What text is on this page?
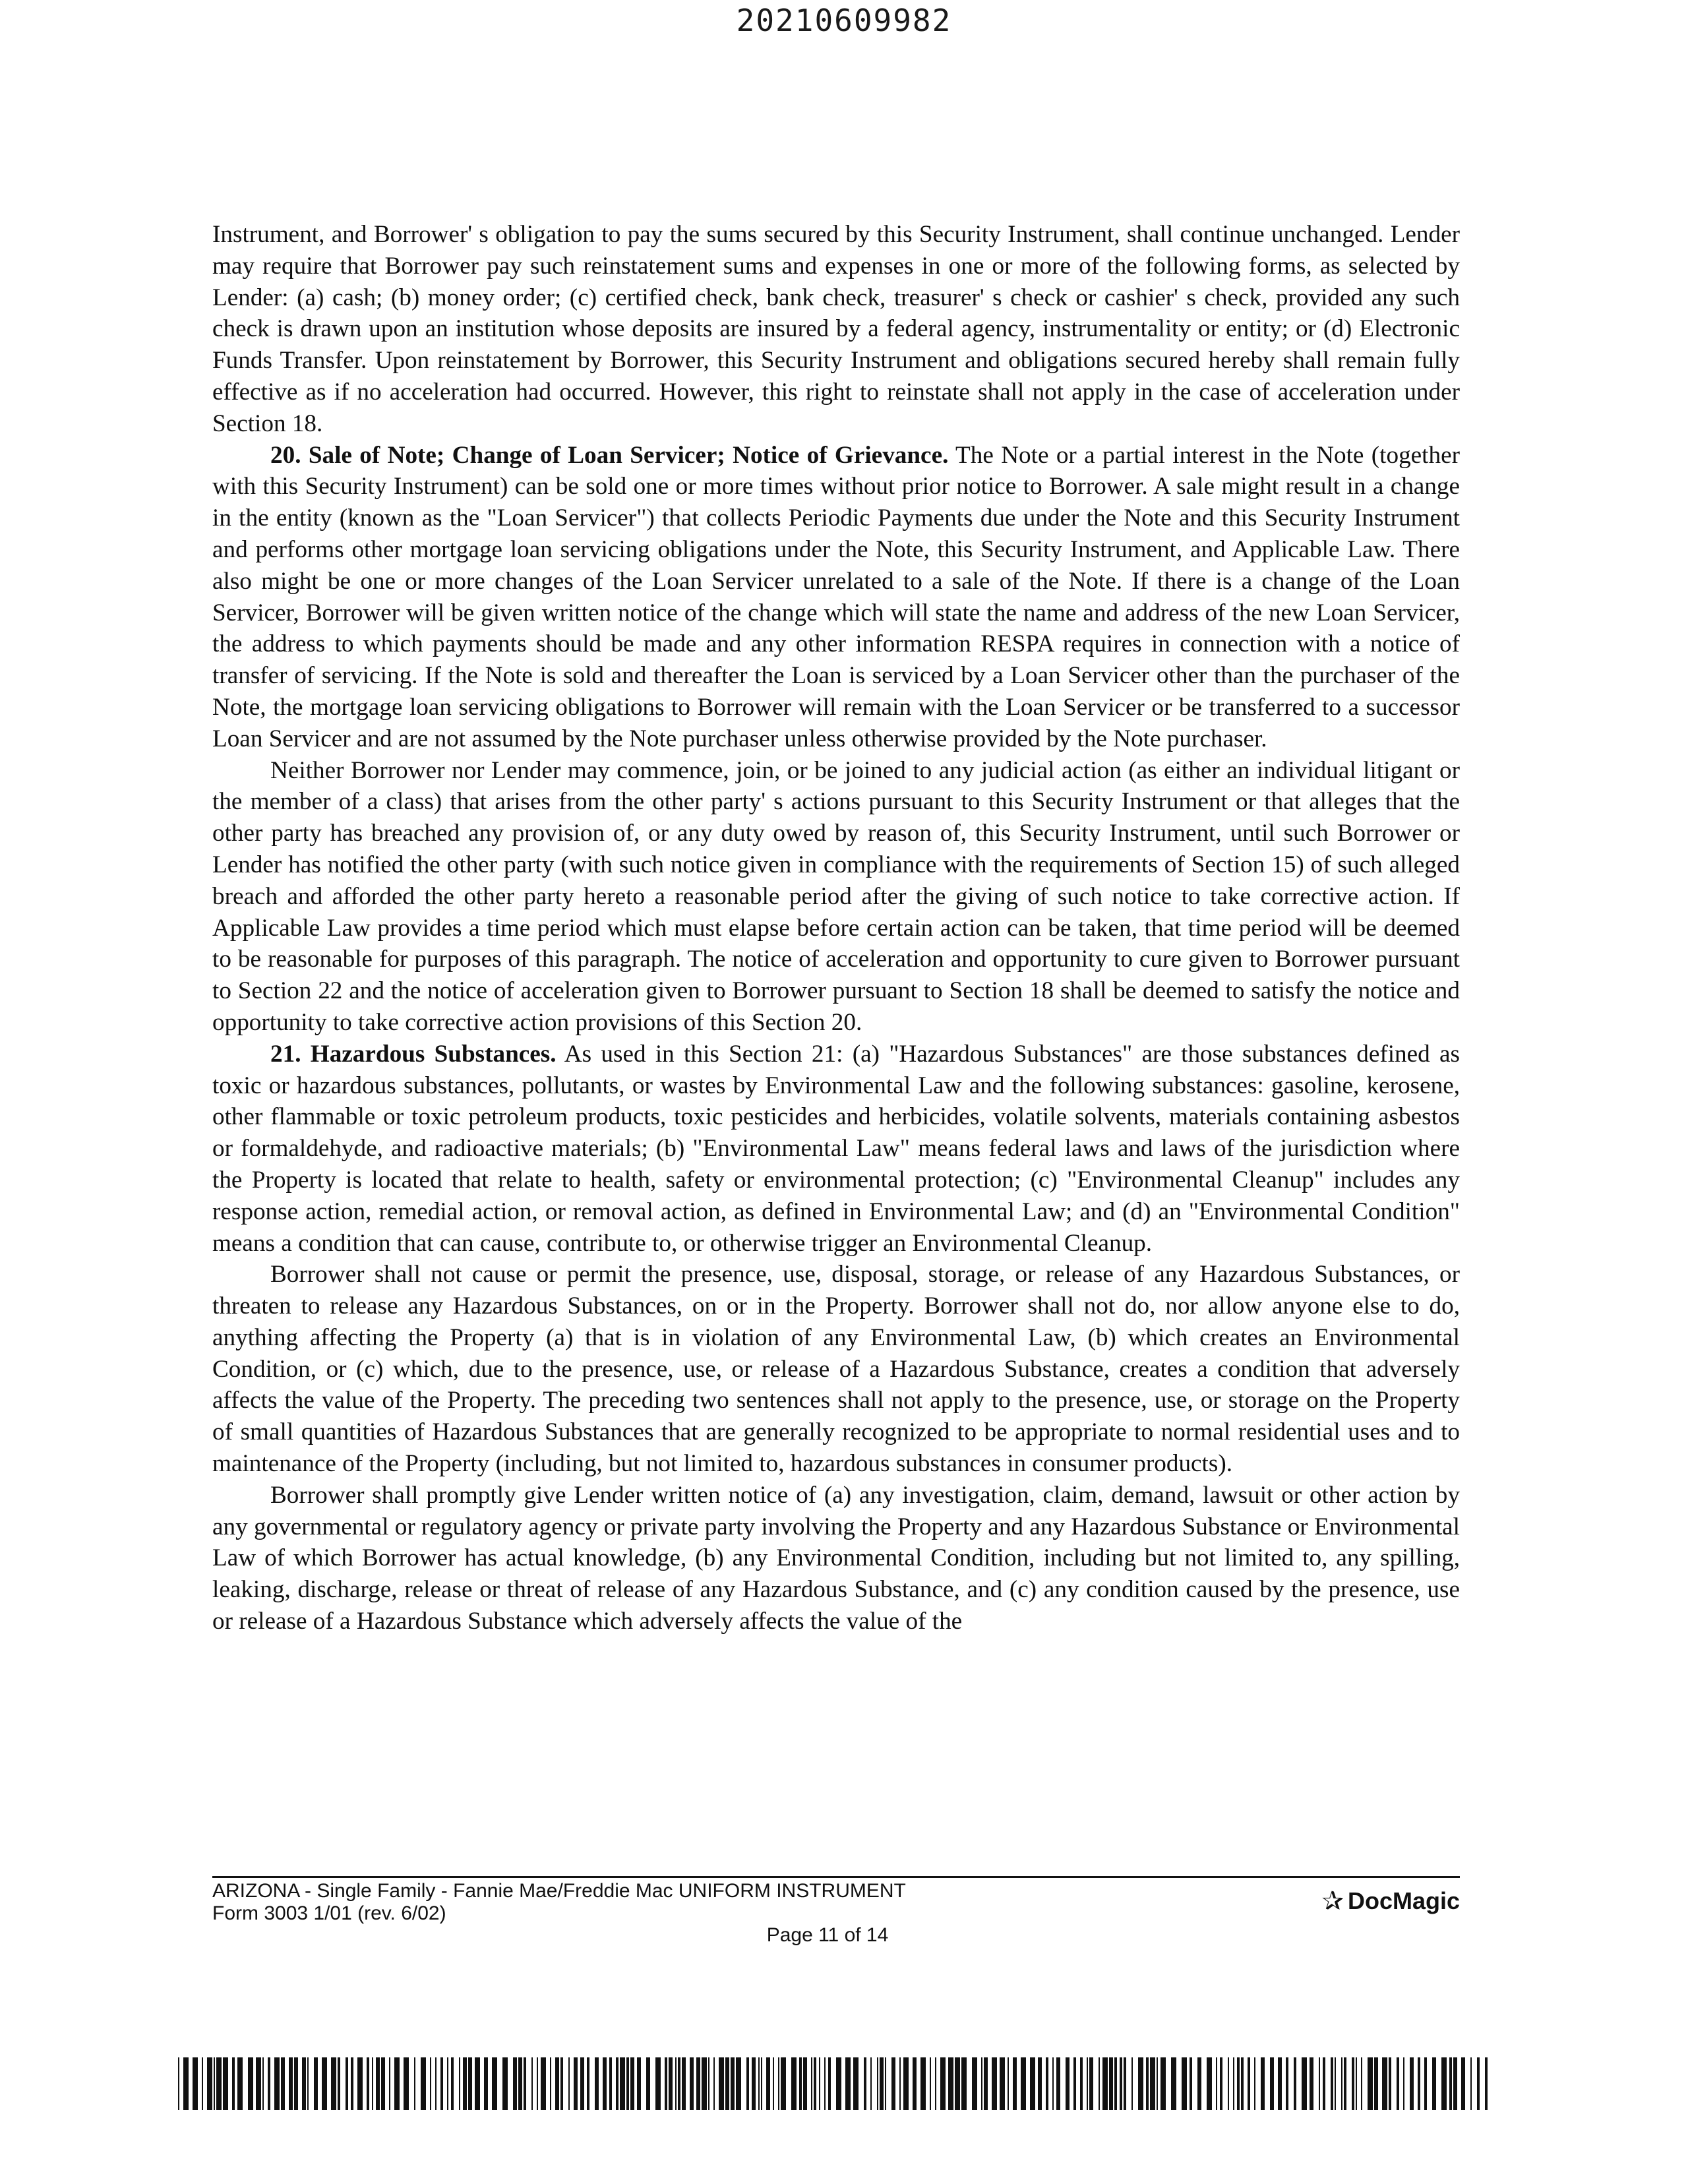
20210609982

Instrument, and Borrower' s obligation to pay the sums secured by this Security Instrument, shall continue unchanged. Lender may require that Borrower pay such reinstatement sums and expenses in one or more of the following forms, as selected by Lender: (a) cash; (b) money order; (c) certified check, bank check, treasurer' s check or cashier' s check, provided any such check is drawn upon an institution whose deposits are insured by a federal agency, instrumentality or entity; or (d) Electronic Funds Transfer. Upon reinstatement by Borrower, this Security Instrument and obligations secured hereby shall remain fully effective as if no acceleration had occurred. However, this right to reinstate shall not apply in the case of acceleration under Section 18.

20. Sale of Note; Change of Loan Servicer; Notice of Grievance. The Note or a partial interest in the Note (together with this Security Instrument) can be sold one or more times without prior notice to Borrower. A sale might result in a change in the entity (known as the "Loan Servicer") that collects Periodic Payments due under the Note and this Security Instrument and performs other mortgage loan servicing obligations under the Note, this Security Instrument, and Applicable Law. There also might be one or more changes of the Loan Servicer unrelated to a sale of the Note. If there is a change of the Loan Servicer, Borrower will be given written notice of the change which will state the name and address of the new Loan Servicer, the address to which payments should be made and any other information RESPA requires in connection with a notice of transfer of servicing. If the Note is sold and thereafter the Loan is serviced by a Loan Servicer other than the purchaser of the Note, the mortgage loan servicing obligations to Borrower will remain with the Loan Servicer or be transferred to a successor Loan Servicer and are not assumed by the Note purchaser unless otherwise provided by the Note purchaser.

Neither Borrower nor Lender may commence, join, or be joined to any judicial action (as either an individual litigant or the member of a class) that arises from the other party' s actions pursuant to this Security Instrument or that alleges that the other party has breached any provision of, or any duty owed by reason of, this Security Instrument, until such Borrower or Lender has notified the other party (with such notice given in compliance with the requirements of Section 15) of such alleged breach and afforded the other party hereto a reasonable period after the giving of such notice to take corrective action. If Applicable Law provides a time period which must elapse before certain action can be taken, that time period will be deemed to be reasonable for purposes of this paragraph. The notice of acceleration and opportunity to cure given to Borrower pursuant to Section 22 and the notice of acceleration given to Borrower pursuant to Section 18 shall be deemed to satisfy the notice and opportunity to take corrective action provisions of this Section 20.

21. Hazardous Substances. As used in this Section 21: (a) "Hazardous Substances" are those substances defined as toxic or hazardous substances, pollutants, or wastes by Environmental Law and the following substances: gasoline, kerosene, other flammable or toxic petroleum products, toxic pesticides and herbicides, volatile solvents, materials containing asbestos or formaldehyde, and radioactive materials; (b) "Environmental Law" means federal laws and laws of the jurisdiction where the Property is located that relate to health, safety or environmental protection; (c) "Environmental Cleanup" includes any response action, remedial action, or removal action, as defined in Environmental Law; and (d) an "Environmental Condition" means a condition that can cause, contribute to, or otherwise trigger an Environmental Cleanup.

Borrower shall not cause or permit the presence, use, disposal, storage, or release of any Hazardous Substances, or threaten to release any Hazardous Substances, on or in the Property. Borrower shall not do, nor allow anyone else to do, anything affecting the Property (a) that is in violation of any Environmental Law, (b) which creates an Environmental Condition, or (c) which, due to the presence, use, or release of a Hazardous Substance, creates a condition that adversely affects the value of the Property. The preceding two sentences shall not apply to the presence, use, or storage on the Property of small quantities of Hazardous Substances that are generally recognized to be appropriate to normal residential uses and to maintenance of the Property (including, but not limited to, hazardous substances in consumer products).

Borrower shall promptly give Lender written notice of (a) any investigation, claim, demand, lawsuit or other action by any governmental or regulatory agency or private party involving the Property and any Hazardous Substance or Environmental Law of which Borrower has actual knowledge, (b) any Environmental Condition, including but not limited to, any spilling, leaking, discharge, release or threat of release of any Hazardous Substance, and (c) any condition caused by the presence, use or release of a Hazardous Substance which adversely affects the value of the

ARIZONA - Single Family - Fannie Mae/Freddie Mac UNIFORM INSTRUMENT
Form 3003 1/01 (rev. 6/02)
Page 11 of 14
✰ DocMagic
